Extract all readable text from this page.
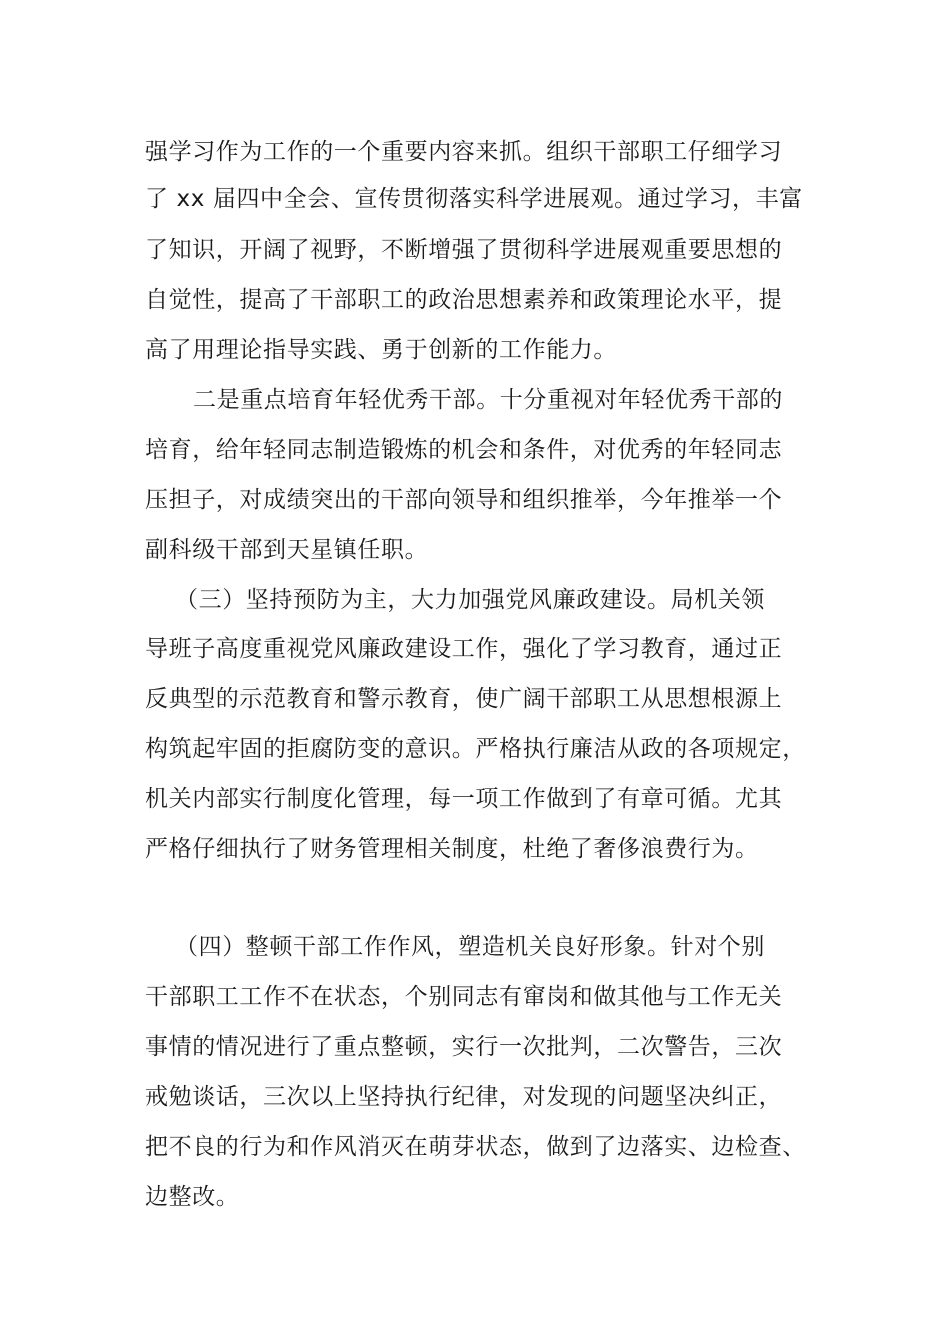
强学习作为工作的一个重要内容来抓。组织干部职工仔细学习
了 xx 届四中全会、宣传贯彻落实科学进展观。通过学习，丰富
了知识，开阔了视野，不断增强了贯彻科学进展观重要思想的
自觉性，提高了干部职工的政治思想素养和政策理论水平，提
高了用理论指导实践、勇于创新的工作能力。
二是重点培育年轻优秀干部。十分重视对年轻优秀干部的
培育，给年轻同志制造锻炼的机会和条件，对优秀的年轻同志
压担子，对成绩突出的干部向领导和组织推举，今年推举一个
副科级干部到天星镇任职。
（三）坚持预防为主，大力加强党风廉政建设。局机关领
导班子高度重视党风廉政建设工作，强化了学习教育，通过正
反典型的示范教育和警示教育，使广阔干部职工从思想根源上
构筑起牢固的拒腐防变的意识。严格执行廉洁从政的各项规定，
机关内部实行制度化管理，每一项工作做到了有章可循。尤其
严格仔细执行了财务管理相关制度，杜绝了奢侈浪费行为。
（四）整顿干部工作作风，塑造机关良好形象。针对个别
干部职工工作不在状态，个别同志有窜岗和做其他与工作无关
事情的情况进行了重点整顿，实行一次批判，二次警告，三次
戒勉谈话，三次以上坚持执行纪律，对发现的问题坚决纠正，
把不良的行为和作风消灭在萌芽状态，做到了边落实、边检查、
边整改。
